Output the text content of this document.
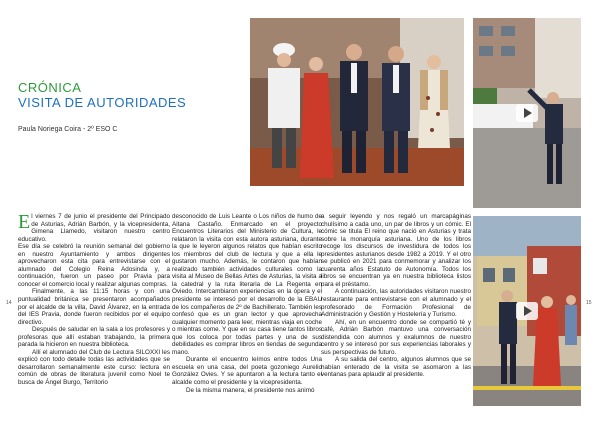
CRÓNICA
VISITA DE AUTORIDADES
Paula Noriega Coira - 2º ESO C
14	15

El viernes 7 de junio el presidente del Principado de Asturias, Adrián Barbón, y la vicepresidenta, Gimena Llamedo, visitaron nuestro centro educativo.

Ese día se celebró la reunión semanal del gobierno en nuestro Ayuntamiento y ambos dirigentes aprovecharon esta cita para entrevistarse con el alumnado del Colegio Reina Adosinda y, a continuación, fueron un paseo por Pravia para conocer el comercio local y realizar algunas compras.

Finalmente, a las 11:15 horas y con una puntualidad británica se presentaron acompañados por el alcalde de la villa, David Álvarez, en la entrada del IES Pravia, donde fueron recibidos por el equipo directivo.

Después de saludar en la sala a los profesores y profesoras que allí estaban trabajando, la primera parada la hicieron en nuestra biblioteca.

Allí el alumnado del Club de Lectura SILOXXI les explicó con todo detalle todas las actividades que se desarrollaron semanalmente este curso: lectura en común de obras de literatura juvenil como Noel te busca de Ángel Burgo, Territorio

desconocido de Luis Leante o Los niños de humo de Aitana Castaño. Enmarcado en el proyecto Encuentros Literarios del Ministerio de Cultura, le relataron la visita con esta autora asturiana, durante la que le leyeron algunos relatos que habían escrito los miembros del club de lectura y que a ella le gustaron mucho. Además, le contaron que habían realizado también actividades culturales como la visita al Museo de Bellas Artes de Asturias, la visita a la catedral y la ruta literaria de La Regenta en Oviedo. Intercambiaron experiencias en la ópera y el presidente se interesó por el desarrollo de la EBAU de los compañeros de 2º de Bachillerato. También les confesó que es un gran lector y que aprovecha cualquier momento para leer, mientras viaja en coche o mientras come. Y que en su casa tiene tantos libros que los coloca por todas partes y una de sus debilidades es comprar libros en tiendas de segunda mano.

Durante el encuentro leímos entre todos Una escuela en una casa, del poeta gozoniego Aurelio González Ovies. Y se apuntaron a la lectura tanto el alcalde como el presidente y la vicepresidenta.

De la misma manera, el presidente nos animó

a seguir leyendo y nos regaló un marcapáginas chulísimo a cada uno, un par de libros y un cómic. El cómic se titula El reino que nació en Asturias y trata sobre la monarquía asturiana. Uno de los libros recoge los discursos de investidura de todos los presidentes asturianos desde 1982 a 2019. Y el otro se publicó en 2021 para conmemorar y analizar los cuarenta años Estatuto de Autonomía. Todos los libros se encuentran ya en nuestra biblioteca listos para el préstamo.

A continuación, las autoridades visitaron nuestro restaurante para entrevistarse con el alumnado y el profesorado de Formación Profesional de Administración y Gestión y Hostelería y Turismo.

Ahí, en un encuentro donde se compartió té y café, Adrián Barbón mantuvo una conversación distendida con alumnos y exalumnos de nuestro centro y se interesó por sus experiencias laborales y sus perspectivas de futuro.

A su salida del centro, algunos alumnos que se habían enterado de la visita se asomaron a las ventanas para aplaudir al presidente.
